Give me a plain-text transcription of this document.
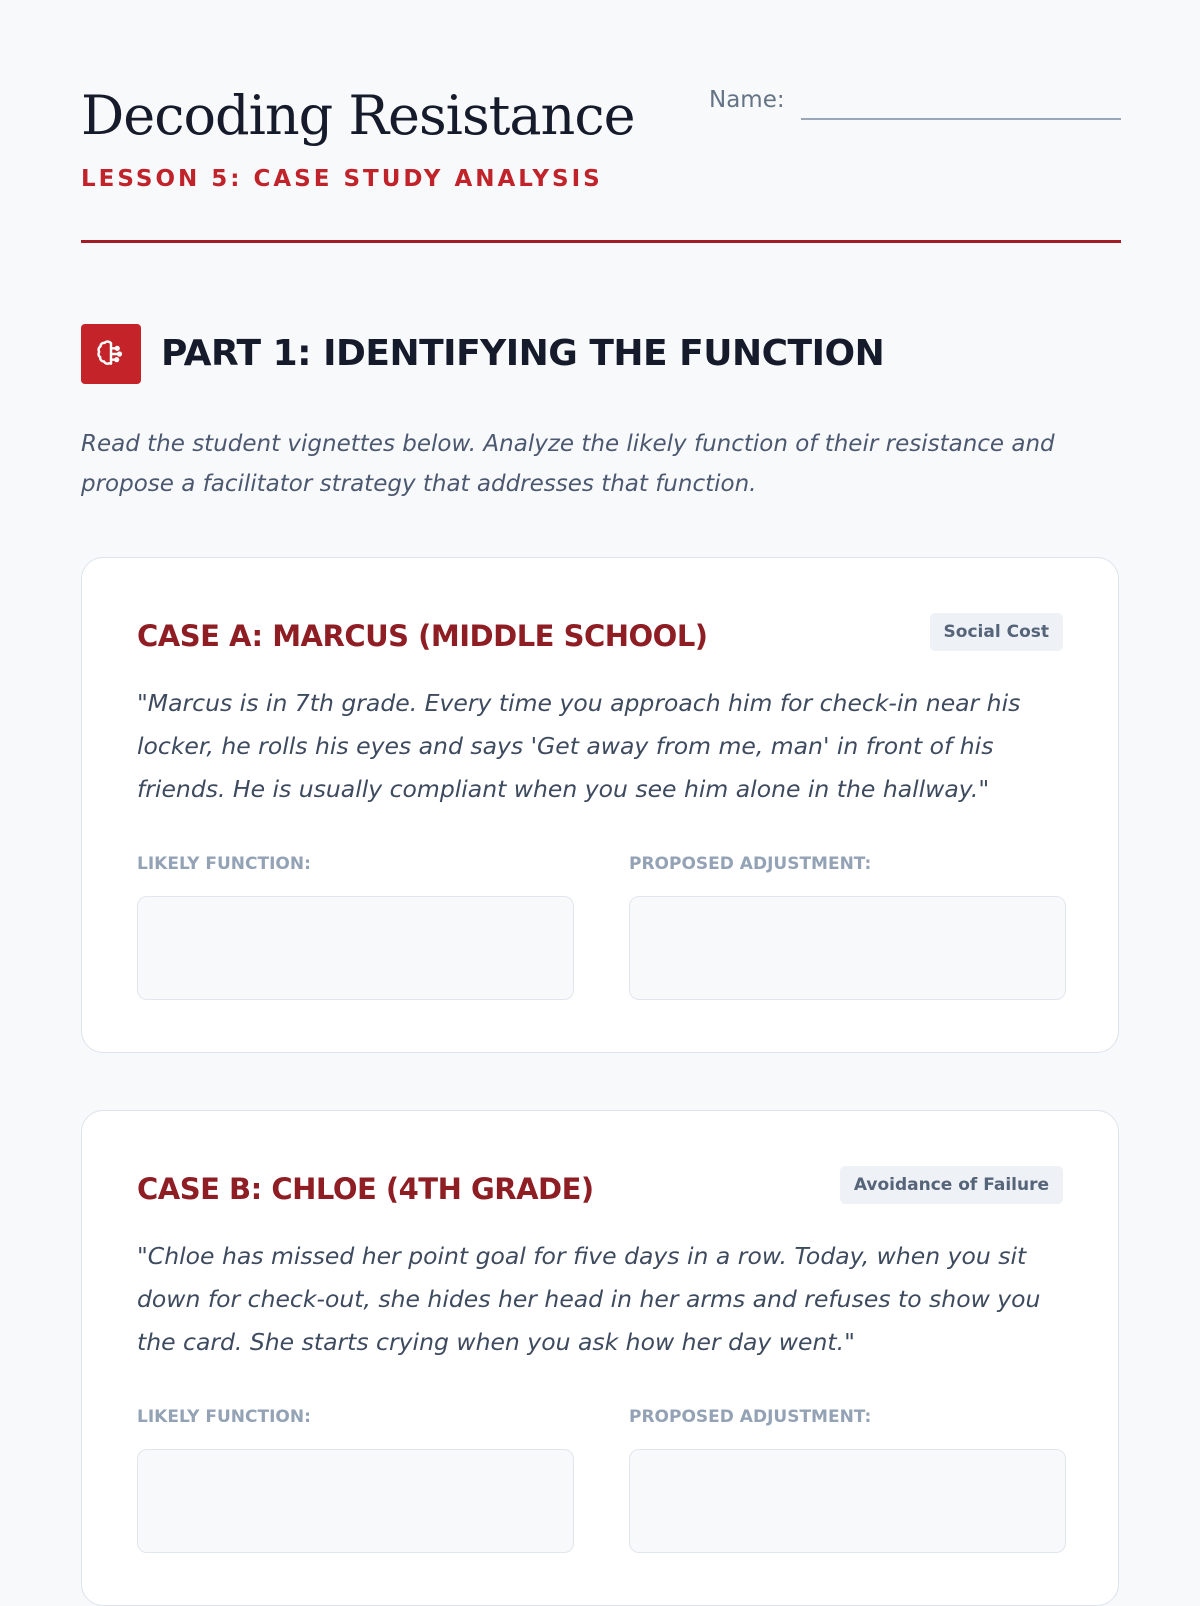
Decoding Resistance
LESSON 5: CASE STUDY ANALYSIS
Name:
PART 1: IDENTIFYING THE FUNCTION

Read the student vignettes below. Analyze the likely function of their resistance and propose a facilitator strategy that addresses that function.

CASE A: MARCUS (MIDDLE SCHOOL)	Social Cost

"Marcus is in 7th grade. Every time you approach him for check-in near his locker, he rolls his eyes and says 'Get away from me, man' in front of his friends. He is usually compliant when you see him alone in the hallway."

LIKELY FUNCTION:	PROPOSED ADJUSTMENT:
CASE B: CHLOE (4TH GRADE)	Avoidance of Failure

"Chloe has missed her point goal for five days in a row. Today, when you sit down for check-out, she hides her head in her arms and refuses to show you the card. She starts crying when you ask how her day went."

LIKELY FUNCTION:	PROPOSED ADJUSTMENT:
